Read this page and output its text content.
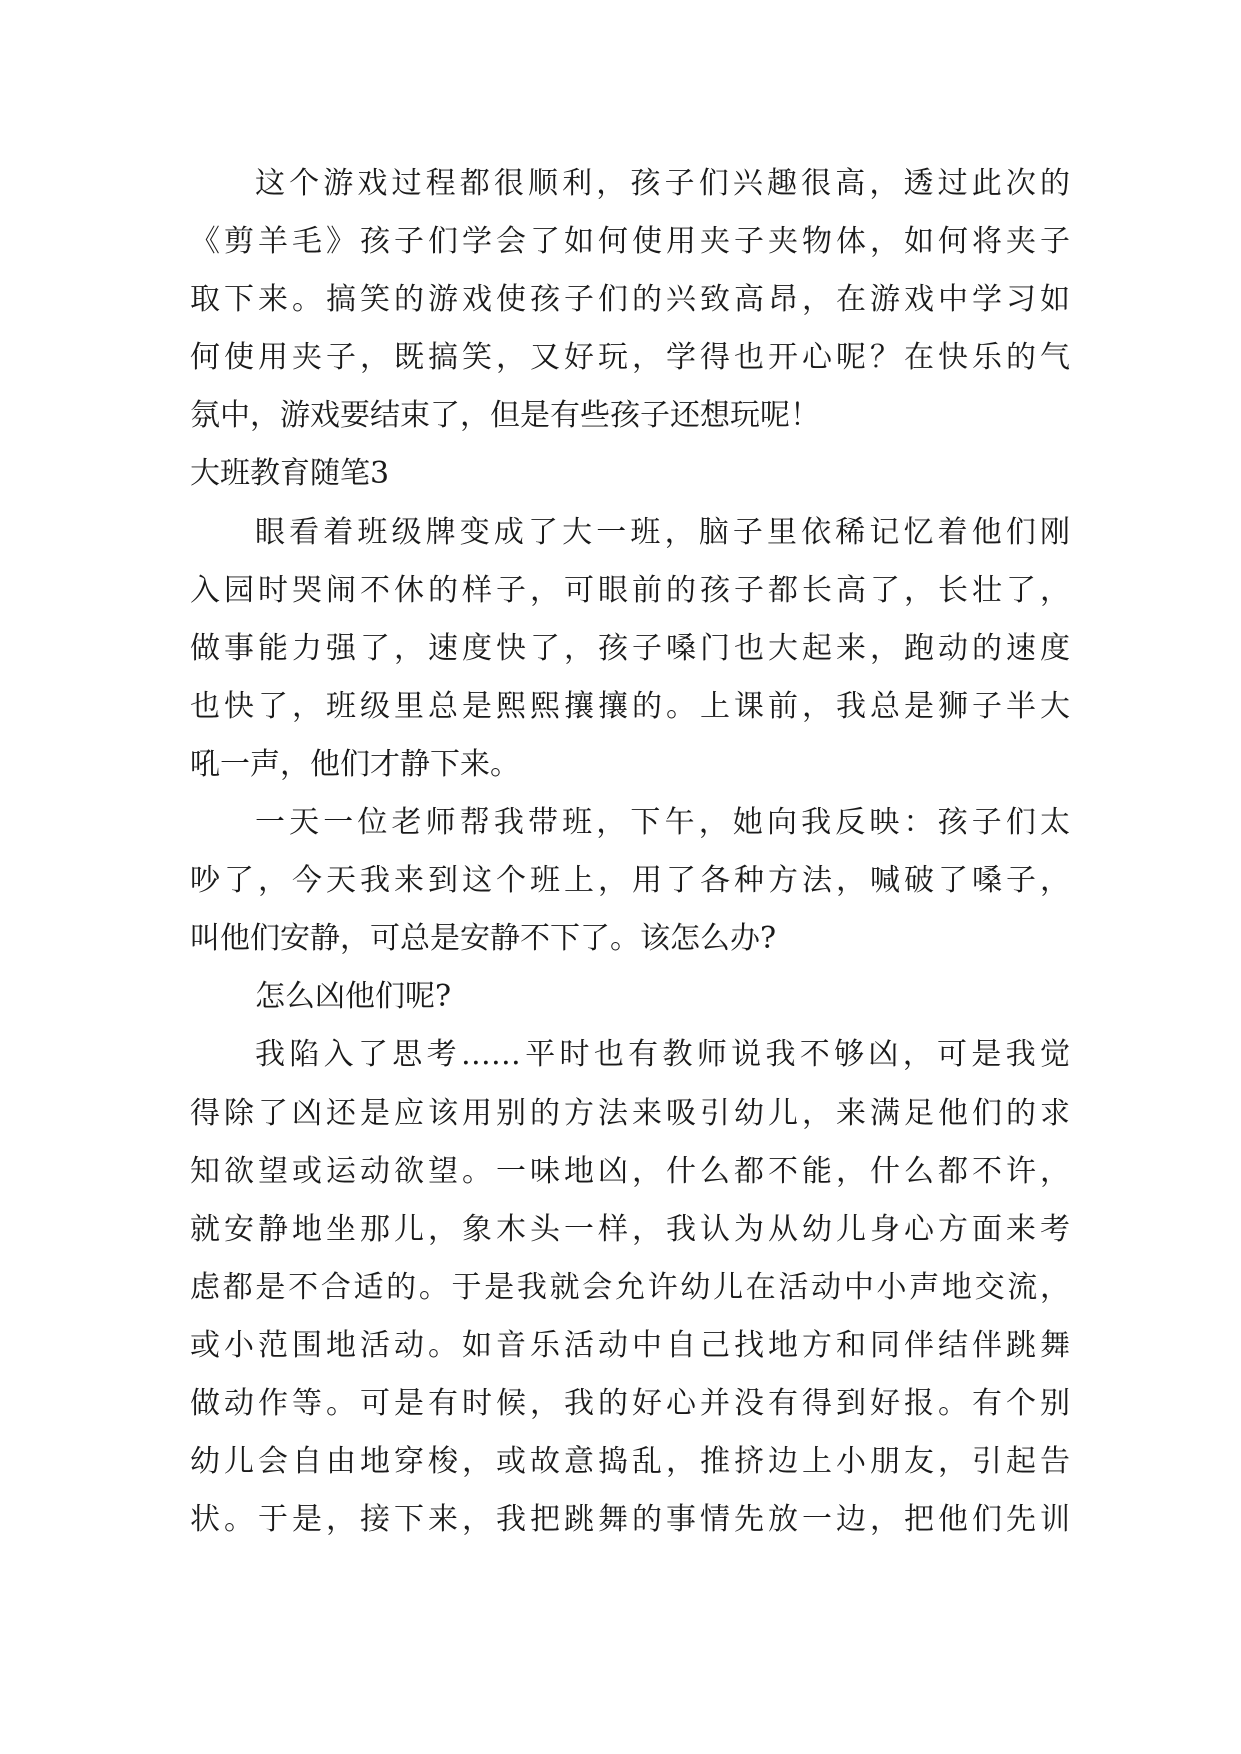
这个游戏过程都很顺利，孩子们兴趣很高，透过此次的
《剪羊毛》孩子们学会了如何使用夹子夹物体，如何将夹子
取下来。搞笑的游戏使孩子们的兴致高昂，在游戏中学习如
何使用夹子，既搞笑，又好玩，学得也开心呢？在快乐的气
氛中，游戏要结束了，但是有些孩子还想玩呢！
大班教育随笔3
眼看着班级牌变成了大一班，脑子里依稀记忆着他们刚
入园时哭闹不休的样子，可眼前的孩子都长高了，长壮了，
做事能力强了，速度快了，孩子嗓门也大起来，跑动的速度
也快了，班级里总是熙熙攘攘的。上课前，我总是狮子半大
吼一声，他们才静下来。
一天一位老师帮我带班，下午，她向我反映：孩子们太
吵了，今天我来到这个班上，用了各种方法，喊破了嗓子，
叫他们安静，可总是安静不下了。该怎么办?
怎么凶他们呢?
我陷入了思考……平时也有教师说我不够凶，可是我觉
得除了凶还是应该用别的方法来吸引幼儿，来满足他们的求
知欲望或运动欲望。一味地凶，什么都不能，什么都不许，
就安静地坐那儿，象木头一样，我认为从幼儿身心方面来考
虑都是不合适的。于是我就会允许幼儿在活动中小声地交流，
或小范围地活动。如音乐活动中自己找地方和同伴结伴跳舞
做动作等。可是有时候，我的好心并没有得到好报。有个别
幼儿会自由地穿梭，或故意捣乱，推挤边上小朋友，引起告
状。于是，接下来，我把跳舞的事情先放一边，把他们先训
